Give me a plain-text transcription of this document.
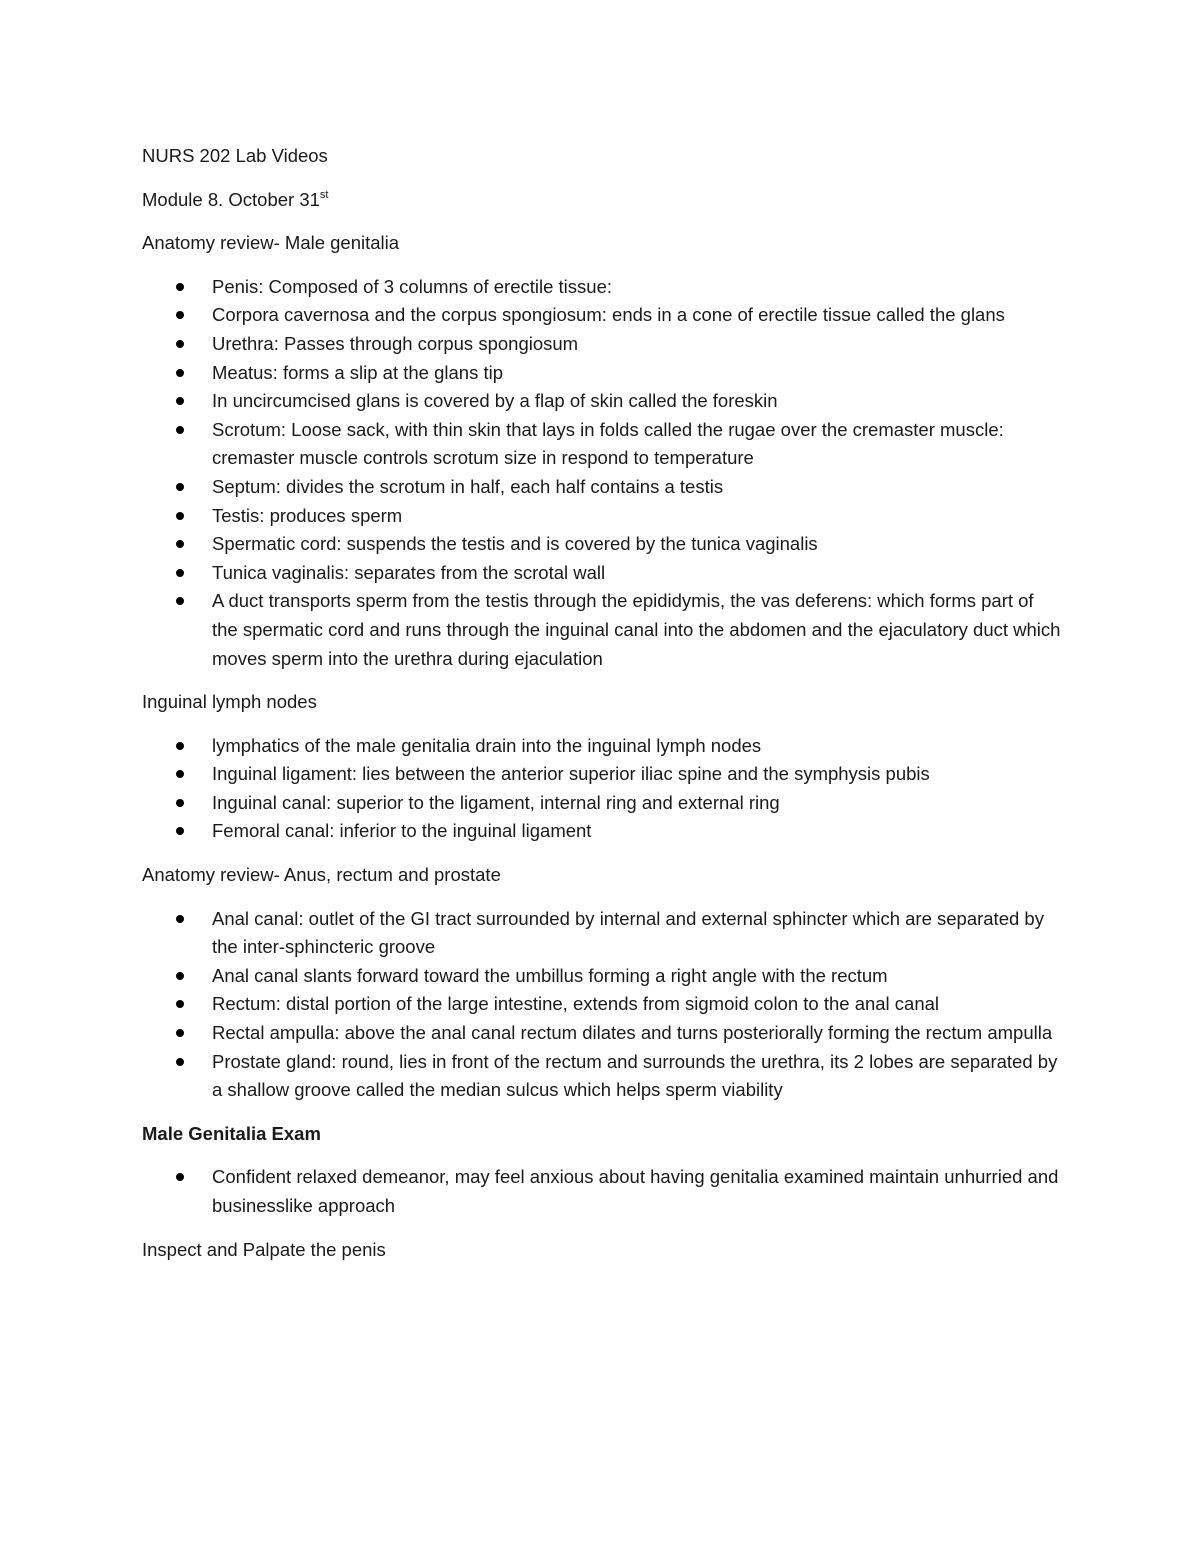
NURS 202 Lab Videos

Module 8. October 31st

Anatomy review- Male genitalia

Penis: Composed of 3 columns of erectile tissue:
Corpora cavernosa and the corpus spongiosum: ends in a cone of erectile tissue called the glans
Urethra: Passes through corpus spongiosum
Meatus: forms a slip at the glans tip
In uncircumcised glans is covered by a flap of skin called the foreskin
Scrotum: Loose sack, with thin skin that lays in folds called the rugae over the cremaster muscle: cremaster muscle controls scrotum size in respond to temperature
Septum: divides the scrotum in half, each half contains a testis
Testis: produces sperm
Spermatic cord: suspends the testis and is covered by the tunica vaginalis
Tunica vaginalis: separates from the scrotal wall
A duct transports sperm from the testis through the epididymis, the vas deferens: which forms part of the spermatic cord and runs through the inguinal canal into the abdomen and the ejaculatory duct which moves sperm into the urethra during ejaculation

Inguinal lymph nodes

lymphatics of the male genitalia drain into the inguinal lymph nodes
Inguinal ligament: lies between the anterior superior iliac spine and the symphysis pubis
Inguinal canal: superior to the ligament, internal ring and external ring
Femoral canal: inferior to the inguinal ligament

Anatomy review- Anus, rectum and prostate

Anal canal: outlet of the GI tract surrounded by internal and external sphincter which are separated by the inter-sphincteric groove
Anal canal slants forward toward the umbillus forming a right angle with the rectum
Rectum: distal portion of the large intestine, extends from sigmoid colon to the anal canal
Rectal ampulla: above the anal canal rectum dilates and turns posteriorally forming the rectum ampulla
Prostate gland: round, lies in front of the rectum and surrounds the urethra, its 2 lobes are separated by a shallow groove called the median sulcus which helps sperm viability

Male Genitalia Exam

Confident relaxed demeanor, may feel anxious about having genitalia examined maintain unhurried and businesslike approach

Inspect and Palpate the penis
